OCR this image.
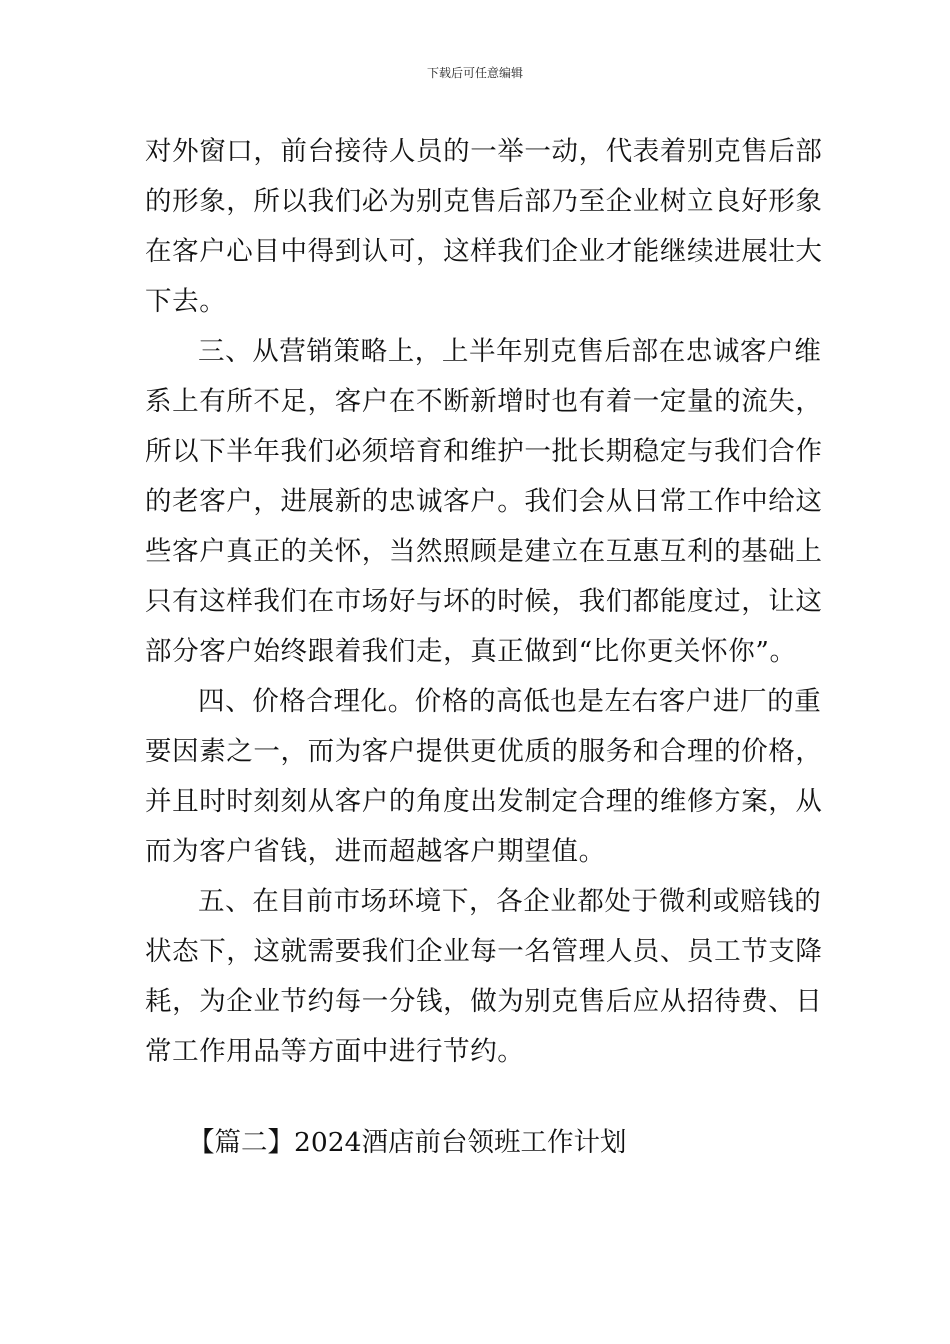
下载后可任意编辑
对外窗口，前台接待人员的一举一动，代表着别克售后部
的形象，所以我们必为别克售后部乃至企业树立良好形象
在客户心目中得到认可，这样我们企业才能继续进展壮大
下去。
三、从营销策略上，上半年别克售后部在忠诚客户维
系上有所不足，客户在不断新增时也有着一定量的流失，
所以下半年我们必须培育和维护一批长期稳定与我们合作
的老客户，进展新的忠诚客户。我们会从日常工作中给这
些客户真正的关怀，当然照顾是建立在互惠互利的基础上
只有这样我们在市场好与坏的时候，我们都能度过，让这
部分客户始终跟着我们走，真正做到“比你更关怀你”。
四、价格合理化。价格的高低也是左右客户进厂的重
要因素之一，而为客户提供更优质的服务和合理的价格，
并且时时刻刻从客户的角度出发制定合理的维修方案，从
而为客户省钱，进而超越客户期望值。
五、在目前市场环境下，各企业都处于微利或赔钱的
状态下，这就需要我们企业每一名管理人员、员工节支降
耗，为企业节约每一分钱，做为别克售后应从招待费、日
常工作用品等方面中进行节约。
【篇二】2024酒店前台领班工作计划
